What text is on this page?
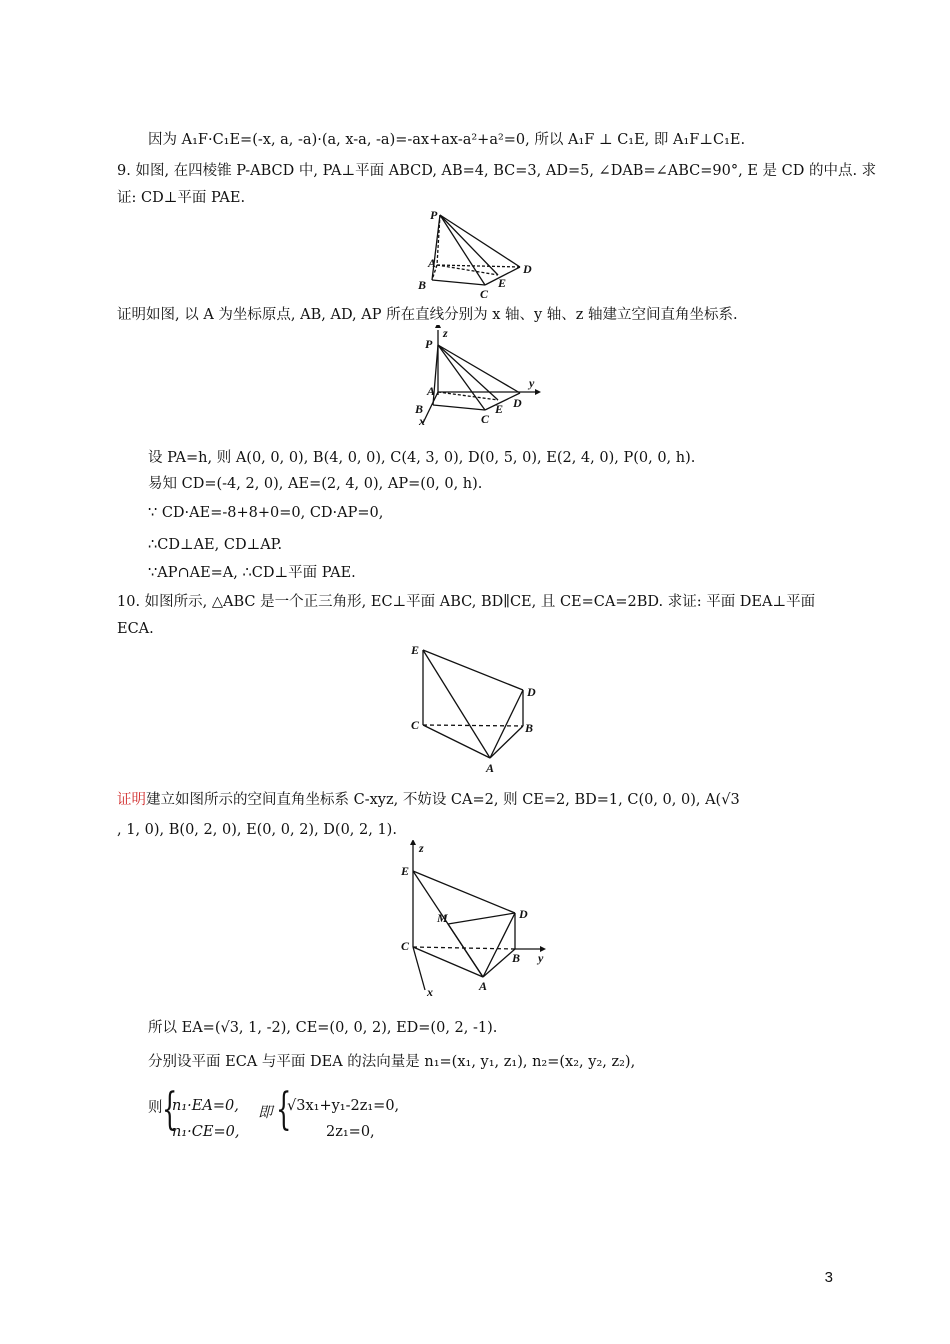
因为 A₁F·C₁E=(-x, a, -a)·(a, x-a, -a)=-ax+ax-a²+a²=0, 所以 A₁F ⊥ C₁E, 即 A₁F⊥C₁E.
9. 如图, 在四棱锥 P-ABCD 中, PA⊥平面 ABCD, AB=4, BC=3, AD=5, ∠DAB=∠ABC=90°, E 是 CD 的中点. 求
证: CD⊥平面 PAE.
P
A
B
C
D
E
证明如图, 以 A 为坐标原点, AB, AD, AP 所在直线分别为 x 轴、y 轴、z 轴建立空间直角坐标系.
z
P
A
B
x	C
D
E
y
设 PA=h, 则 A(0, 0, 0), B(4, 0, 0), C(4, 3, 0), D(0, 5, 0), E(2, 4, 0), P(0, 0, h).
易知 CD=(-4, 2, 0), AE=(2, 4, 0), AP=(0, 0, h).
∵ CD·AE=-8+8+0=0, CD·AP=0,
∴CD⊥AE, CD⊥AP.
∵AP∩AE=A, ∴CD⊥平面 PAE.
10. 如图所示, △ABC 是一个正三角形, EC⊥平面 ABC, BD∥CE, 且 CE=CA=2BD. 求证: 平面 DEA⊥平面
ECA.
E
C
D
B
A
证明建立如图所示的空间直角坐标系 C-xyz, 不妨设 CA=2, 则 CE=2, BD=1, C(0, 0, 0), A(√3
, 1, 0), B(0, 2, 0), E(0, 0, 2), D(0, 2, 1).
z
E
C
M	D
B
A
x
y
所以 EA=(√3, 1, -2), CE=(0, 0, 2), ED=(0, 2, -1).
分别设平面 ECA 与平面 DEA 的法向量是 n₁=(x₁, y₁, z₁), n₂=(x₂, y₂, z₂),
则 {
n₁·EA=0,
n₁·CE=0,
即 {
√3x₁+y₁-2z₁=0,
2z₁=0,
3
